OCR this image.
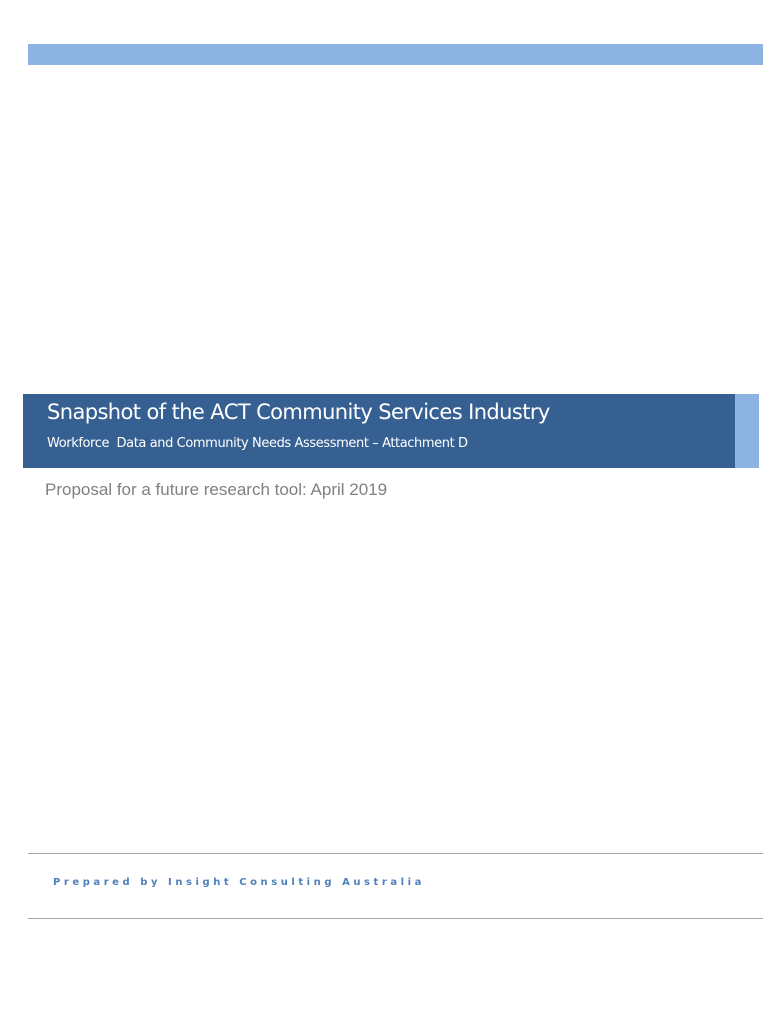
Snapshot of the ACT Community Services Industry

Workforce  Data and Community Needs Assessment – Attachment D

Proposal for a future research tool: April 2019

Prepared by Insight Consulting Australia
